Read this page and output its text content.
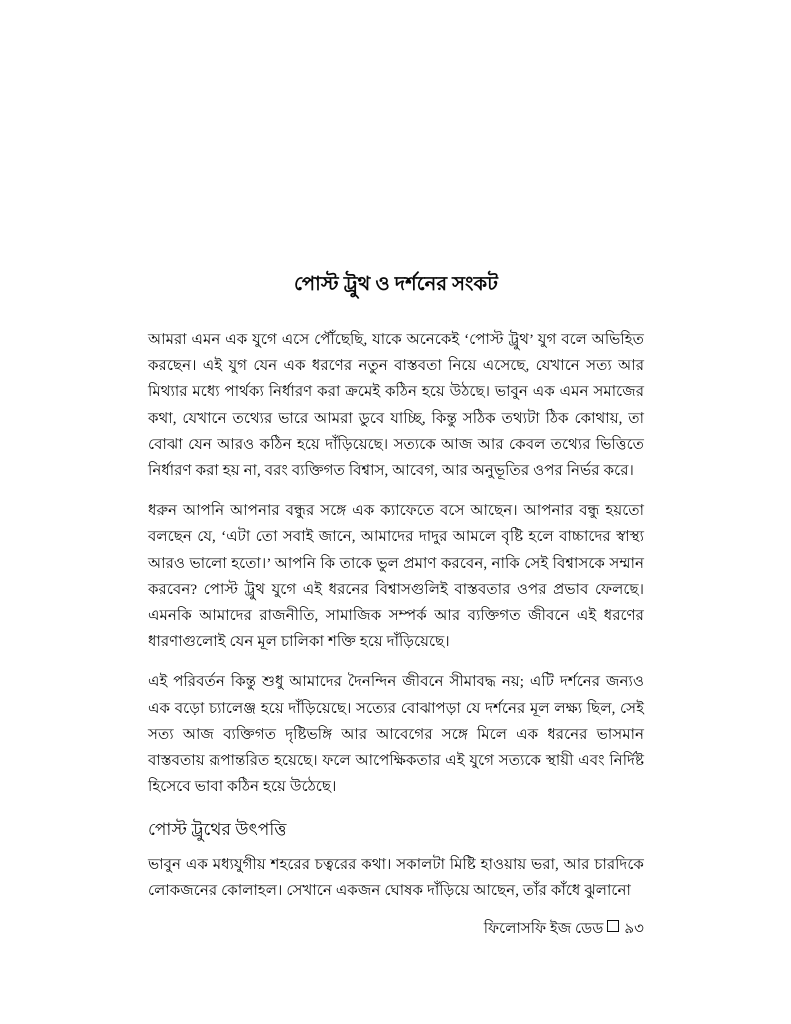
পোস্ট ট্রুথ ও দর্শনের সংকট

আমরা এমন এক যুগে এসে পৌঁছেছি, যাকে অনেকেই ‘পোস্ট ট্রুথ’ যুগ বলে অভিহিত করছেন। এই যুগ যেন এক ধরণের নতুন বাস্তবতা নিয়ে এসেছে, যেখানে সত্য আর মিথ্যার মধ্যে পার্থক্য নির্ধারণ করা ক্রমেই কঠিন হয়ে উঠছে। ভাবুন এক এমন সমাজের কথা, যেখানে তথ্যের ভারে আমরা ডুবে যাচ্ছি, কিন্তু সঠিক তথ্যটা ঠিক কোথায়, তা বোঝা যেন আরও কঠিন হয়ে দাঁড়িয়েছে। সত্যকে আজ আর কেবল তথ্যের ভিত্তিতে নির্ধারণ করা হয় না, বরং ব্যক্তিগত বিশ্বাস, আবেগ, আর অনুভূতির ওপর নির্ভর করে।

ধরুন আপনি আপনার বন্ধুর সঙ্গে এক ক্যাফেতে বসে আছেন। আপনার বন্ধু হয়তো বলছেন যে, ‘এটা তো সবাই জানে, আমাদের দাদুর আমলে বৃষ্টি হলে বাচ্চাদের স্বাস্থ্য আরও ভালো হতো।’ আপনি কি তাকে ভুল প্রমাণ করবেন, নাকি সেই বিশ্বাসকে সম্মান করবেন? পোস্ট ট্রুথ যুগে এই ধরনের বিশ্বাসগুলিই বাস্তবতার ওপর প্রভাব ফেলছে। এমনকি আমাদের রাজনীতি, সামাজিক সম্পর্ক আর ব্যক্তিগত জীবনে এই ধরণের ধারণাগুলোই যেন মূল চালিকা শক্তি হয়ে দাঁড়িয়েছে।

এই পরিবর্তন কিন্তু শুধু আমাদের দৈনন্দিন জীবনে সীমাবদ্ধ নয়; এটি দর্শনের জন্যও এক বড়ো চ্যালেঞ্জ হয়ে দাঁড়িয়েছে। সত্যের বোঝাপড়া যে দর্শনের মূল লক্ষ্য ছিল, সেই সত্য আজ ব্যক্তিগত দৃষ্টিভঙ্গি আর আবেগের সঙ্গে মিলে এক ধরনের ভাসমান বাস্তবতায় রূপান্তরিত হয়েছে। ফলে আপেক্ষিকতার এই যুগে সত্যকে স্থায়ী এবং নির্দিষ্ট হিসেবে ভাবা কঠিন হয়ে উঠেছে।

পোস্ট ট্রুথের উৎপত্তি

ভাবুন এক মধ্যযুগীয় শহরের চত্বরের কথা। সকালটা মিষ্টি হাওয়ায় ভরা, আর চারদিকে লোকজনের কোলাহল। সেখানে একজন ঘোষক দাঁড়িয়ে আছেন, তাঁর কাঁধে ঝুলানো

ফিলোসফি ইজ ডেড ৯৩
